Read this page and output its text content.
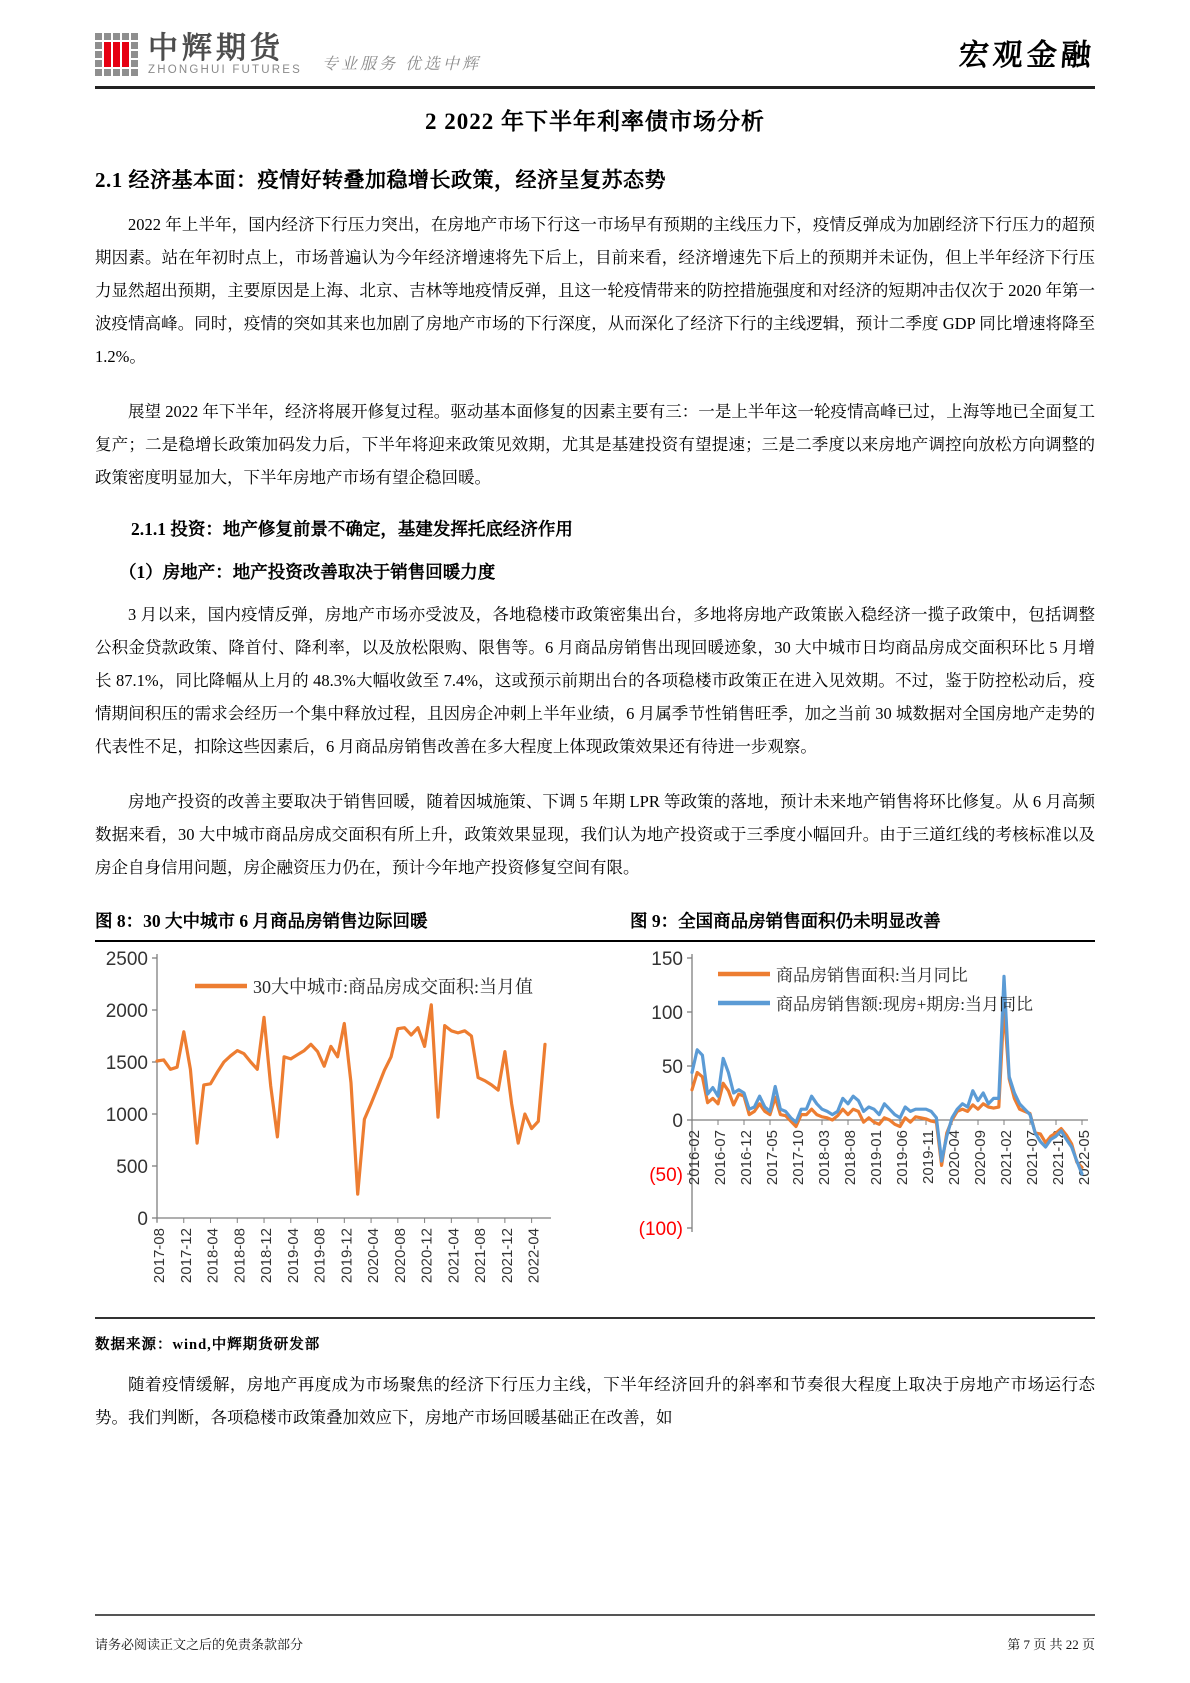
中辉期货
ZHONGHUI FUTURES 专业服务 优选中辉	宏观金融
2 2022 年下半年利率债市场分析
2.1 经济基本面：疫情好转叠加稳增长政策，经济呈复苏态势

2022 年上半年，国内经济下行压力突出，在房地产市场下行这一市场早有预期的主线压力下，疫情反弹成为加剧经济下行压力的超预期因素。站在年初时点上，市场普遍认为今年经济增速将先下后上，目前来看，经济增速先下后上的预期并未证伪，但上半年经济下行压力显然超出预期，主要原因是上海、北京、吉林等地疫情反弹，且这一轮疫情带来的防控措施强度和对经济的短期冲击仅次于 2020 年第一波疫情高峰。同时，疫情的突如其来也加剧了房地产市场的下行深度，从而深化了经济下行的主线逻辑，预计二季度 GDP 同比增速将降至 1.2%。

展望 2022 年下半年，经济将展开修复过程。驱动基本面修复的因素主要有三：一是上半年这一轮疫情高峰已过，上海等地已全面复工复产；二是稳增长政策加码发力后，下半年将迎来政策见效期，尤其是基建投资有望提速；三是二季度以来房地产调控向放松方向调整的政策密度明显加大，下半年房地产市场有望企稳回暖。

2.1.1 投资：地产修复前景不确定，基建发挥托底经济作用
（1）房地产：地产投资改善取决于销售回暖力度

3 月以来，国内疫情反弹，房地产市场亦受波及，各地稳楼市政策密集出台，多地将房地产政策嵌入稳经济一揽子政策中，包括调整公积金贷款政策、降首付、降利率，以及放松限购、限售等。6 月商品房销售出现回暖迹象，30 大中城市日均商品房成交面积环比 5 月增长 87.1%，同比降幅从上月的 48.3%大幅收敛至 7.4%，这或预示前期出台的各项稳楼市政策正在进入见效期。不过，鉴于防控松动后，疫情期间积压的需求会经历一个集中释放过程，且因房企冲刺上半年业绩，6 月属季节性销售旺季，加之当前 30 城数据对全国房地产走势的代表性不足，扣除这些因素后，6 月商品房销售改善在多大程度上体现政策效果还有待进一步观察。

房地产投资的改善主要取决于销售回暖，随着因城施策、下调 5 年期 LPR 等政策的落地，预计未来地产销售将环比修复。从 6 月高频数据来看，30 大中城市商品房成交面积有所上升，政策效果显现，我们认为地产投资或于三季度小幅回升。由于三道红线的考核标准以及房企自身信用问题，房企融资压力仍在，预计今年地产投资修复空间有限。

图 8：30 大中城市 6 月商品房销售边际回暖	图 9：全国商品房销售面积仍未明显改善
0
500
1000
1500
2000
2500
2017-08 2017-12 2018-04 2018-08 2018-12 2019-04 2019-08 2019-12 2020-04 2020-08 2020-12 2021-04 2021-08 2021-12 2022-04
30大中城市:商品房成交面积:当月值
150
100
50
0
(50)
(100)
2016-02 2016-07 2016-12 2017-05 2017-10 2018-03 2018-08 2019-01 2019-06 2019-11 2020-04 2020-09 2021-02 2021-07 2021-12 2022-05
商品房销售面积:当月同比
商品房销售额:现房+期房:当月同比
数据来源：wind,中辉期货研发部

随着疫情缓解，房地产再度成为市场聚焦的经济下行压力主线，下半年经济回升的斜率和节奏很大程度上取决于房地产市场运行态势。我们判断，各项稳楼市政策叠加效应下，房地产市场回暖基础正在改善，如

请务必阅读正文之后的免责条款部分	第 7 页 共 22 页
